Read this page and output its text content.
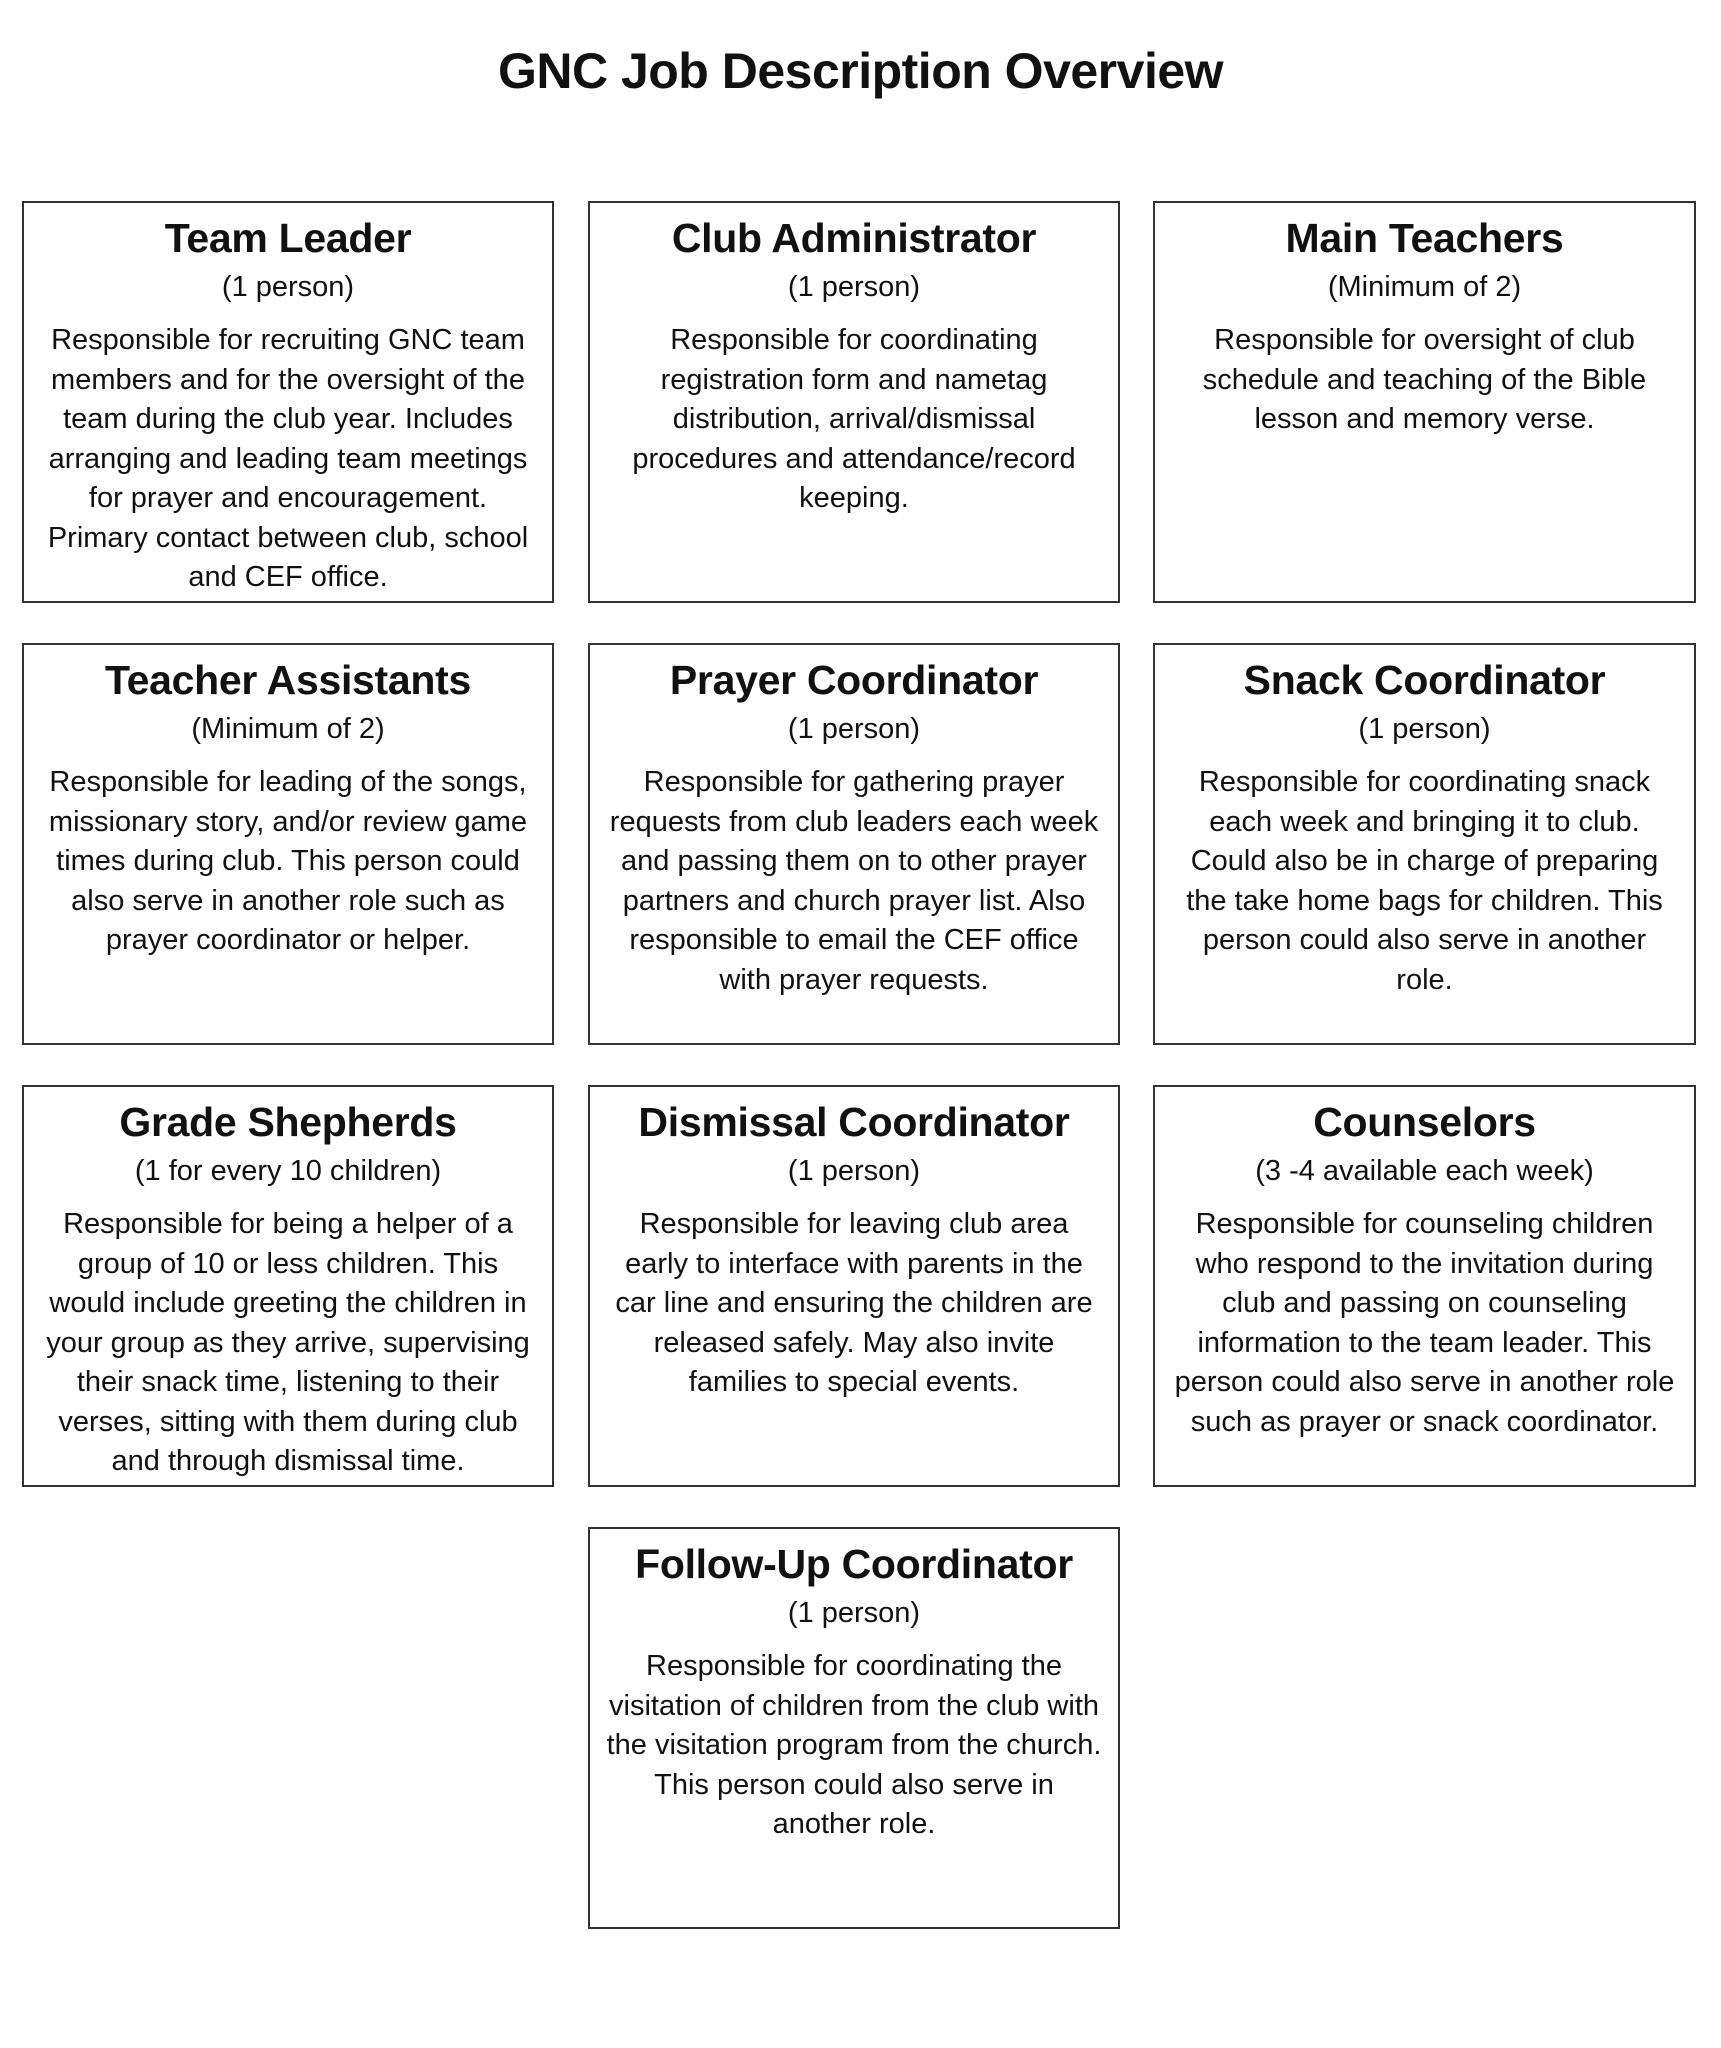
GNC Job Description Overview
Team Leader
(1 person)
Responsible for recruiting GNC team members and for the oversight of the team during the club year. Includes arranging and leading team meetings for prayer and encouragement. Primary contact between club, school and CEF office.
Club Administrator
(1 person)
Responsible for coordinating registration form and nametag distribution, arrival/dismissal procedures and attendance/record keeping.
Main Teachers
(Minimum of 2)
Responsible for oversight of club schedule and teaching of the Bible lesson and memory verse.
Teacher Assistants
(Minimum of 2)
Responsible for leading of the songs, missionary story, and/or review game times during club. This person could also serve in another role such as prayer coordinator or helper.
Prayer Coordinator
(1 person)
Responsible for gathering prayer requests from club leaders each week and passing them on to other prayer partners and church prayer list. Also responsible to email the CEF office with prayer requests.
Snack Coordinator
(1 person)
Responsible for coordinating snack each week and bringing it to club. Could also be in charge of preparing the take home bags for children. This person could also serve in another role.
Grade Shepherds
(1 for every 10 children)
Responsible for being a helper of a group of 10 or less children. This would include greeting the children in your group as they arrive, supervising their snack time, listening to their verses, sitting with them during club and through dismissal time.
Dismissal Coordinator
(1 person)
Responsible for leaving club area early to interface with parents in the car line and ensuring the children are released safely. May also invite families to special events.
Counselors
(3 -4 available each week)
Responsible for counseling children who respond to the invitation during club and passing on counseling information to the team leader. This person could also serve in another role such as prayer or snack coordinator.
Follow-Up Coordinator
(1 person)
Responsible for coordinating the visitation of children from the club with the visitation program from the church. This person could also serve in another role.
